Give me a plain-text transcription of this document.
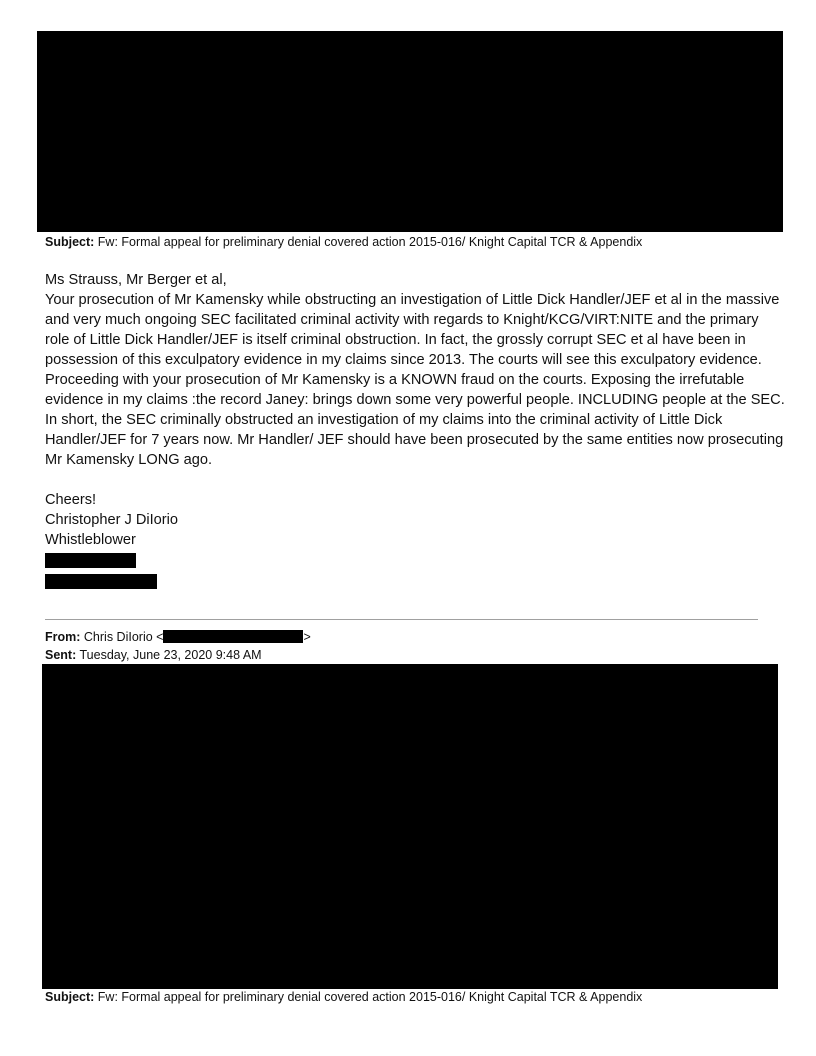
Subject: Fw: Formal appeal for preliminary denial covered action 2015-016/ Knight Capital TCR & Appendix

Ms Strauss, Mr Berger et al,

Your prosecution of Mr Kamensky while obstructing an investigation of Little Dick Handler/JEF et al in the massive and very much ongoing SEC facilitated criminal activity with regards to Knight/KCG/VIRT:NITE and the primary role of Little Dick Handler/JEF is itself criminal obstruction. In fact, the grossly corrupt SEC et al have been in possession of this exculpatory evidence in my claims since 2013. The courts will see this exculpatory evidence. Proceeding with your prosecution of Mr Kamensky is a KNOWN fraud on the courts. Exposing the irrefutable evidence in my claims :the record Janey: brings down some very powerful people. INCLUDING people at the SEC. In short, the SEC criminally obstructed an investigation of my claims into the criminal activity of Little Dick Handler/JEF for 7 years now. Mr Handler/ JEF should have been prosecuted by the same entities now prosecuting Mr Kamensky LONG ago.

Cheers!

Christopher J DiIorio

Whistleblower

From: Chris DiIorio <	>
Sent: Tuesday, June 23, 2020 9:48 AM
Subject: Fw: Formal appeal for preliminary denial covered action 2015-016/ Knight Capital TCR & Appendix
